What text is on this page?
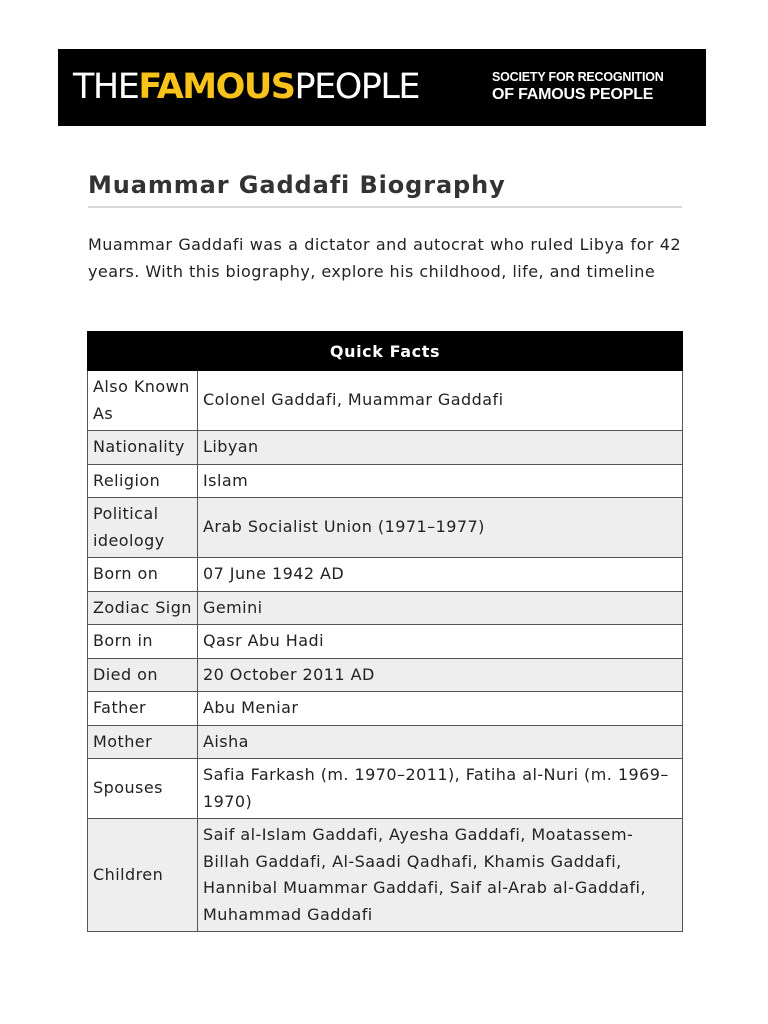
THEFAMOUSPEOPLE	SOCIETY FOR RECOGNITION
OF FAMOUS PEOPLE
Muammar Gaddafi Biography

Muammar Gaddafi was a dictator and autocrat who ruled Libya for 42 years. With this biography, explore his childhood, life, and timeline

Quick Facts	
Also Known As	Colonel Gaddafi, Muammar Gaddafi
Nationality	Libyan
Religion	Islam
Political ideology	Arab Socialist Union (1971–1977)
Born on	07 June 1942 AD
Zodiac Sign	Gemini
Born in	Qasr Abu Hadi
Died on	20 October 2011 AD
Father	Abu Meniar
Mother	Aisha
Spouses	Safia Farkash (m. 1970–2011), Fatiha al-Nuri (m. 1969–1970)
Children	Saif al-Islam Gaddafi, Ayesha Gaddafi, Moatassem-Billah Gaddafi, Al-Saadi Qadhafi, Khamis Gaddafi, Hannibal Muammar Gaddafi, Saif al-Arab al-Gaddafi, Muhammad Gaddafi
